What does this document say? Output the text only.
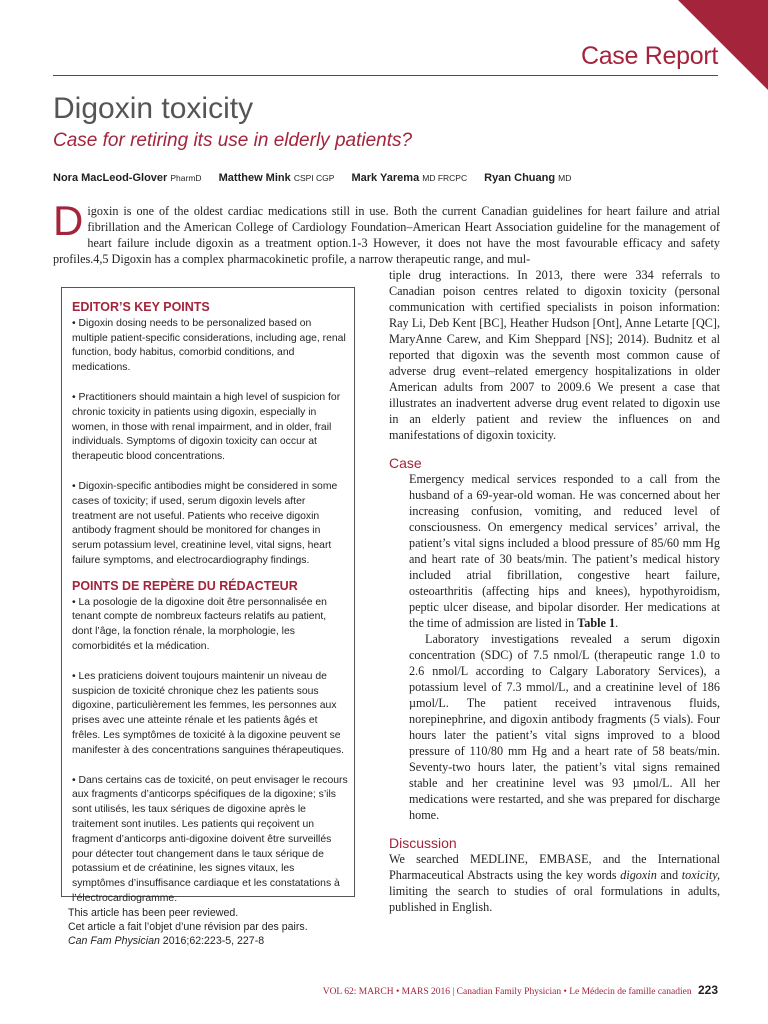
Case Report
Digoxin toxicity
Case for retiring its use in elderly patients?
Nora MacLeod-Glover PharmD Matthew Mink CSPI CGP Mark Yarema MD FRCPC Ryan Chuang MD

Digoxin is one of the oldest cardiac medications still in use. Both the current Canadian guidelines for heart failure and atrial fibrillation and the American College of Cardiology Foundation–American Heart Association guideline for the management of heart failure include digoxin as a treatment option.1-3 However, it does not have the most favourable efficacy and safety profiles.4,5 Digoxin has a complex pharmacokinetic profile, a narrow therapeutic range, and mul-

tiple drug interactions. In 2013, there were 334 referrals to Canadian poison centres related to digoxin toxicity (personal communication with certified specialists in poison information: Ray Li, Deb Kent [BC], Heather Hudson [Ont], Anne Letarte [QC], MaryAnne Carew, and Kim Sheppard [NS]; 2014). Budnitz et al reported that digoxin was the seventh most common cause of adverse drug event–related emergency hospitalizations in older American adults from 2007 to 2009.6 We present a case that illustrates an inadvertent adverse drug event related to digoxin use in an elderly patient and review the influences on and manifestations of digoxin toxicity.

Case

Emergency medical services responded to a call from the husband of a 69-year-old woman. He was concerned about her increasing confusion, vomiting, and reduced level of consciousness. On emergency medical services’ arrival, the patient’s vital signs included a blood pressure of 85/60 mm Hg and heart rate of 30 beats/min. The patient’s medical history included atrial fibrillation, congestive heart failure, osteoarthritis (affecting hips and knees), hypothyroidism, peptic ulcer disease, and bipolar disorder. Her medications at the time of admission are listed in Table 1.

Laboratory investigations revealed a serum digoxin concentration (SDC) of 7.5 nmol/L (therapeutic range 1.0 to 2.6 nmol/L according to Calgary Laboratory Services), a potassium level of 7.3 mmol/L, and a creatinine level of 186 µmol/L. The patient received intravenous fluids, norepinephrine, and digoxin antibody fragments (5 vials). Four hours later the patient’s vital signs improved to a blood pressure of 110/80 mm Hg and a heart rate of 58 beats/min. Seventy-two hours later, the patient’s vital signs remained stable and her creatinine level was 93 µmol/L. All her medications were restarted, and she was prepared for discharge home.

Discussion

We searched MEDLINE, EMBASE, and the International Pharmaceutical Abstracts using the key words digoxin and toxicity, limiting the search to studies of oral formulations in adults, published in English.

EDITOR’S KEY POINTS

• Digoxin dosing needs to be personalized based on multiple patient-specific considerations, including age, renal function, body habitus, comorbid conditions, and medications.

• Practitioners should maintain a high level of suspicion for chronic toxicity in patients using digoxin, especially in women, in those with renal impairment, and in older, frail individuals. Symptoms of digoxin toxicity can occur at therapeutic blood concentrations.

• Digoxin-specific antibodies might be considered in some cases of toxicity; if used, serum digoxin levels after treatment are not useful. Patients who receive digoxin antibody fragment should be monitored for changes in serum potassium level, creatinine level, vital signs, heart failure symptoms, and electrocardiography findings.

POINTS DE REPÈRE DU RÉDACTEUR

• La posologie de la digoxine doit être personnalisée en tenant compte de nombreux facteurs relatifs au patient, dont l’âge, la fonction rénale, la morphologie, les comorbidités et la médication.

• Les praticiens doivent toujours maintenir un niveau de suspicion de toxicité chronique chez les patients sous digoxine, particulièrement les femmes, les personnes aux prises avec une atteinte rénale et les patients âgés et frêles. Les symptômes de toxicité à la digoxine peuvent se manifester à des concentrations sanguines thérapeutiques.

• Dans certains cas de toxicité, on peut envisager le recours aux fragments d’anticorps spécifiques de la digoxine; s’ils sont utilisés, les taux sériques de digoxine après le traitement sont inutiles. Les patients qui reçoivent un fragment d’anticorps anti-digoxine doivent être surveillés pour détecter tout changement dans le taux sérique de potassium et de créatinine, les signes vitaux, les symptômes d’insuffisance cardiaque et les constatations à l’électrocardiogramme.

This article has been peer reviewed.
Cet article a fait l’objet d’une révision par des pairs.
Can Fam Physician 2016;62:223-5, 227-8
VOL 62: MARCH • MARS 2016 | Canadian Family Physician • Le Médecin de famille canadien 223
